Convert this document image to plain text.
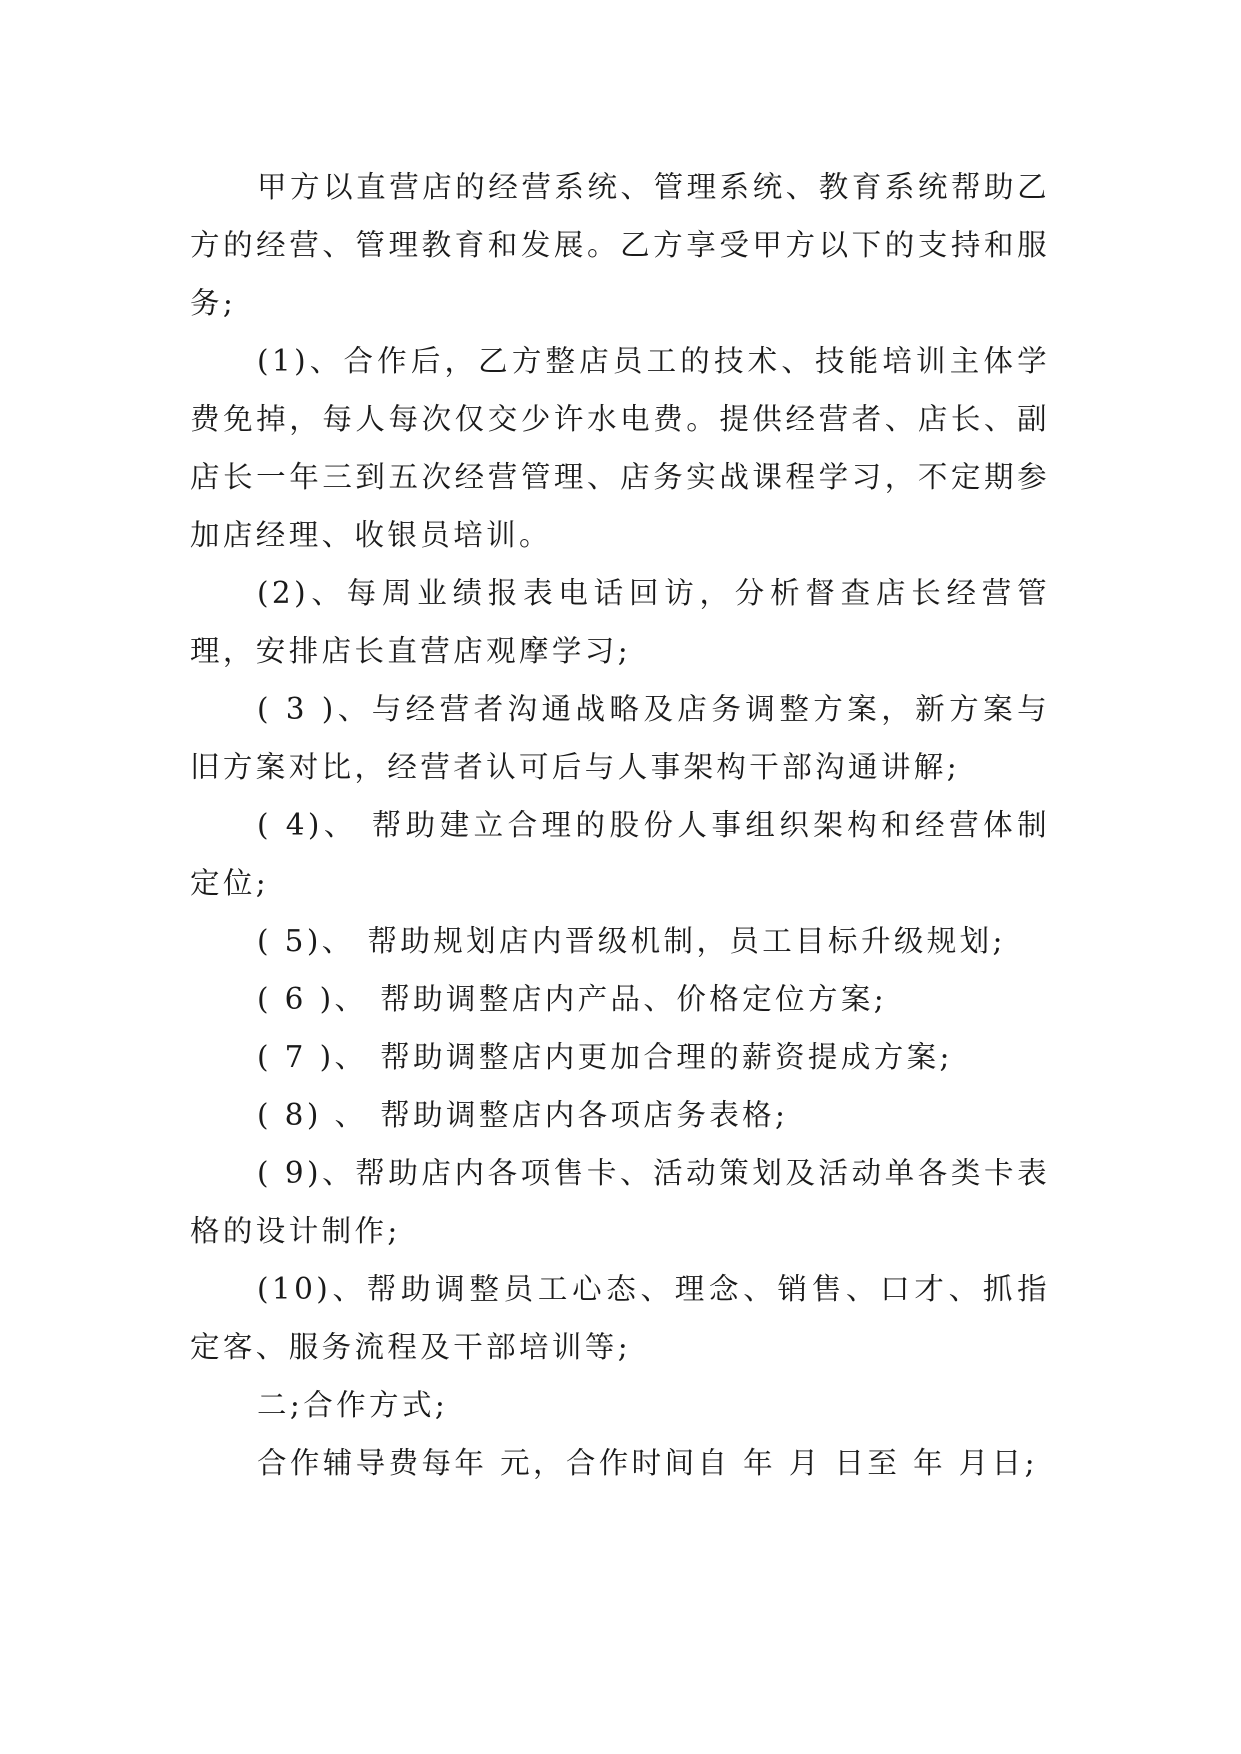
甲方以直营店的经营系统、管理系统、教育系统帮助乙方的经营、管理教育和发展。乙方享受甲方以下的支持和服务;

(1)、合作后，乙方整店员工的技术、技能培训主体学费免掉，每人每次仅交少许水电费。提供经营者、店长、副店长一年三到五次经营管理、店务实战课程学习，不定期参加店经理、收银员培训。

(2)、每周业绩报表电话回访，分析督查店长经营管理，安排店长直营店观摩学习;

( 3 )、与经营者沟通战略及店务调整方案，新方案与旧方案对比，经营者认可后与人事架构干部沟通讲解;

( 4)、 帮助建立合理的股份人事组织架构和经营体制定位;

( 5)、 帮助规划店内晋级机制，员工目标升级规划;

( 6 )、 帮助调整店内产品、价格定位方案;

( 7 )、 帮助调整店内更加合理的薪资提成方案;

( 8) 、 帮助调整店内各项店务表格;

( 9)、帮助店内各项售卡、活动策划及活动单各类卡表格的设计制作;

(10)、帮助调整员工心态、理念、销售、口才、抓指定客、服务流程及干部培训等;

二;合作方式;

合作辅导费每年 元，合作时间自 年 月 日至 年 月日;
